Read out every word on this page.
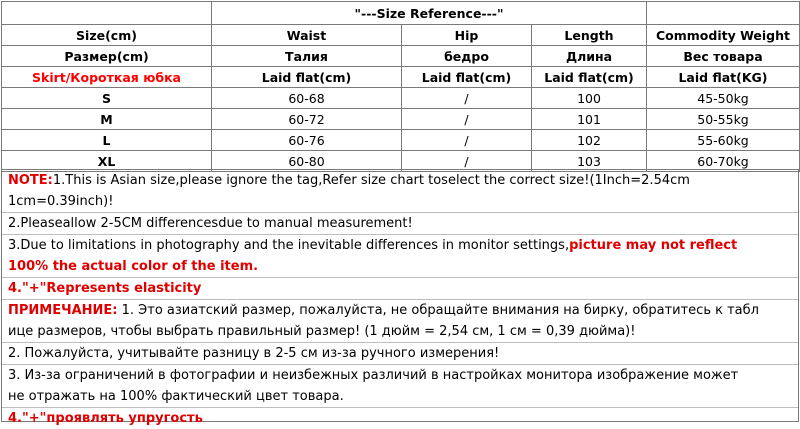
	"---Size Reference---"			
Size(cm)	Waist	Hip	Length	Commodity Weight
Размер(cm)	Талия	бедро	Длина	Вес товара
Skirt/Короткая юбка	Laid flat(cm)	Laid flat(cm)	Laid flat(cm)	Laid flat(KG)
S	60-68	/	100	45-50kg
M	60-72	/	101	50-55kg
L	60-76	/	102	55-60kg
XL	60-80	/	103	60-70kg

NOTE:1.This is Asian size,please ignore the tag,Refer size chart toselect the correct size!(1Inch=2.54cm

1cm=0.39inch)!

2.Pleaseallow 2-5CM differencesdue to manual measurement!

3.Due to limitations in photography and the inevitable differences in monitor settings,picture may not reflect

100% the actual color of the item.

4."+"Represents elasticity

ПРИМЕЧАНИЕ: 1. Это азиатский размер, пожалуйста, не обращайте внимания на бирку, обратитесь к табл

ице размеров, чтобы выбрать правильный размер! (1 дюйм = 2,54 см, 1 см = 0,39 дюйма)!

2. Пожалуйста, учитывайте разницу в 2-5 см из-за ручного измерения!

3. Из-за ограничений в фотографии и неизбежных различий в настройках монитора изображение может

не отражать на 100% фактический цвет товара.

4."+"проявлять упругость
